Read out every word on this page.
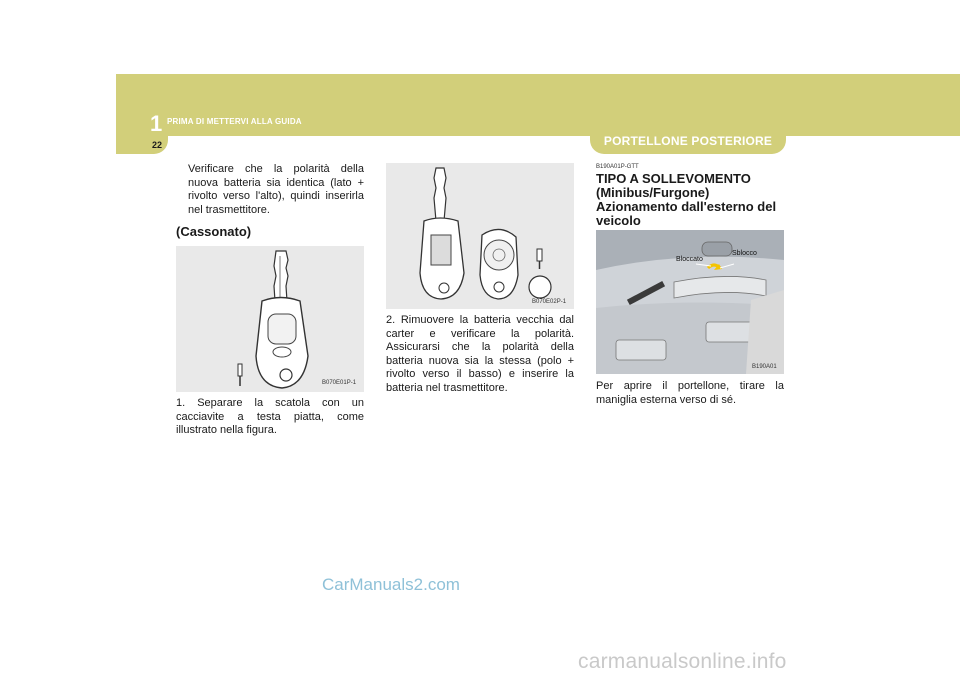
1 PRIMA DI METTERVI ALLA GUIDA
22	PORTELLONE POSTERIORE
Verificare che la polarità della nuova batteria sia identica (lato + rivolto verso l'alto), quindi inserirla nel trasmettitore.
(Cassonato)
B070E01P-1
1. Separare la scatola con un cacciavite a testa piatta, come illustrato nella figura.
B070E02P-1
2. Rimuovere la batteria vecchia dal carter e verificare la polarità. Assicurarsi che la polarità della batteria nuova sia la stessa (polo + rivolto verso il basso) e inserire la batteria nel trasmettitore.
B190A01P-GTT
TIPO A SOLLEVOMENTO
(Minibus/Furgone)
Azionamento dall'esterno del veicolo
Bloccato
Sblocco
B190A01
Per aprire il portellone, tirare la maniglia esterna verso di sé.
CarManuals2.com
carmanualsonline.info
